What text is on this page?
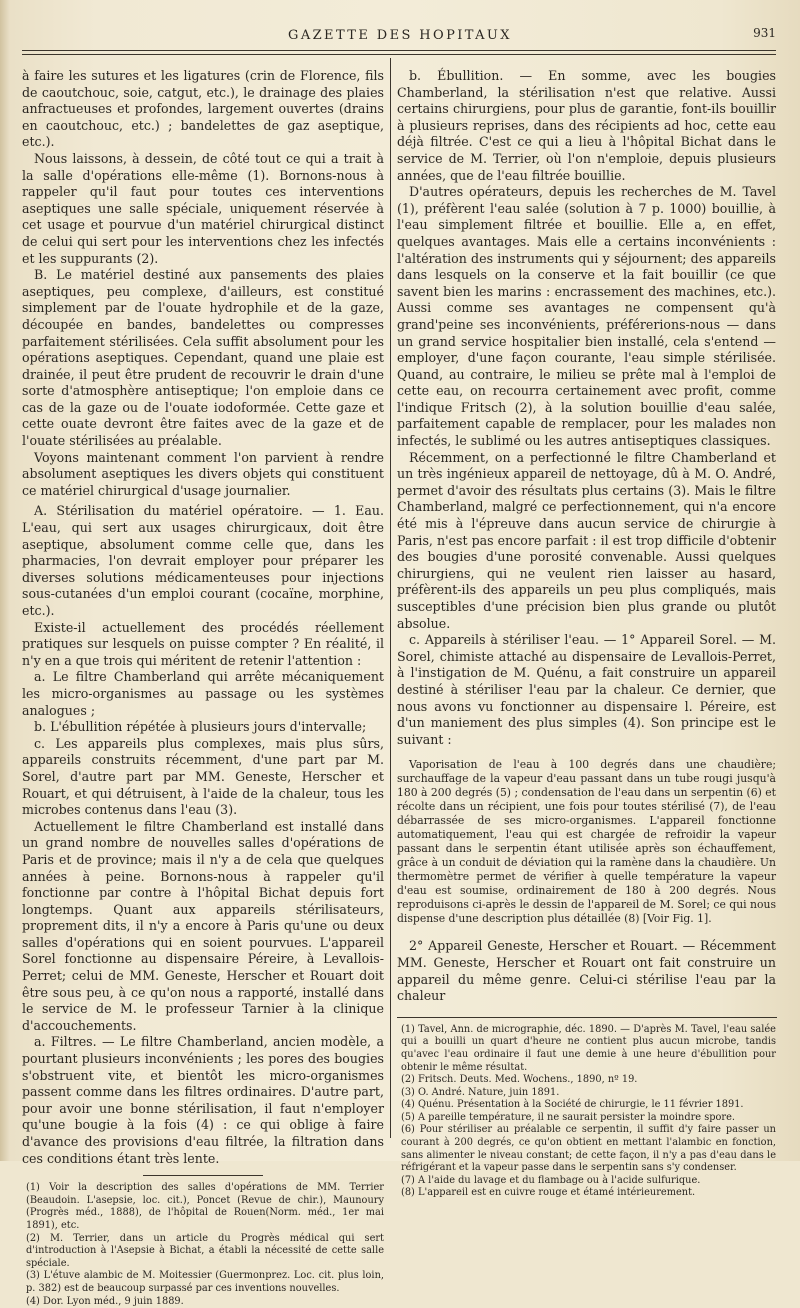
GAZETTE DES HOPITAUX	931

à faire les sutures et les ligatures (crin de Florence, fils de caoutchouc, soie, catgut, etc.), le drainage des plaies anfractueuses et profondes, largement ouvertes (drains en caoutchouc, etc.) ; bandelettes de gaz aseptique, etc.).

Nous laissons, à dessein, de côté tout ce qui a trait à la salle d'opérations elle-même (1). Bornons-nous à rappeler qu'il faut pour toutes ces interventions aseptiques une salle spéciale, uniquement réservée à cet usage et pourvue d'un matériel chirurgical distinct de celui qui sert pour les interventions chez les infectés et les suppurants (2).

B. Le matériel destiné aux pansements des plaies aseptiques, peu complexe, d'ailleurs, est constitué simplement par de l'ouate hydrophile et de la gaze, découpée en bandes, bandelettes ou compresses parfaitement stérilisées. Cela suffit absolument pour les opérations aseptiques. Cependant, quand une plaie est drainée, il peut être prudent de recouvrir le drain d'une sorte d'atmosphère antiseptique; l'on emploie dans ce cas de la gaze ou de l'ouate iodoformée. Cette gaze et cette ouate devront être faites avec de la gaze et de l'ouate stérilisées au préalable.

Voyons maintenant comment l'on parvient à rendre absolument aseptiques les divers objets qui constituent ce matériel chirurgical d'usage journalier.

A. Stérilisation du matériel opératoire. — 1. Eau. L'eau, qui sert aux usages chirurgicaux, doit être aseptique, absolument comme celle que, dans les pharmacies, l'on devrait employer pour préparer les diverses solutions médicamenteuses pour injections sous-cutanées d'un emploi courant (cocaïne, morphine, etc.).

Existe-il actuellement des procédés réellement pratiques sur lesquels on puisse compter ? En réalité, il n'y en a que trois qui méritent de retenir l'attention :

a. Le filtre Chamberland qui arrête mécaniquement les micro-organismes au passage ou les systèmes analogues ;

b. L'ébullition répétée à plusieurs jours d'intervalle;

c. Les appareils plus complexes, mais plus sûrs, appareils construits récemment, d'une part par M. Sorel, d'autre part par MM. Geneste, Herscher et Rouart, et qui détruisent, à l'aide de la chaleur, tous les microbes contenus dans l'eau (3).

Actuellement le filtre Chamberland est installé dans un grand nombre de nouvelles salles d'opérations de Paris et de province; mais il n'y a de cela que quelques années à peine. Bornons-nous à rappeler qu'il fonctionne par contre à l'hôpital Bichat depuis fort longtemps. Quant aux appareils stérilisateurs, proprement dits, il n'y a encore à Paris qu'une ou deux salles d'opérations qui en soient pourvues. L'appareil Sorel fonctionne au dispensaire Péreire, à Levallois-Perret; celui de MM. Geneste, Herscher et Rouart doit être sous peu, à ce qu'on nous a rapporté, installé dans le service de M. le professeur Tarnier à la clinique d'accouchements.

a. Filtres. — Le filtre Chamberland, ancien modèle, a pourtant plusieurs inconvénients ; les pores des bougies s'obstruent vite, et bientôt les micro-organismes passent comme dans les filtres ordinaires. D'autre part, pour avoir une bonne stérilisation, il faut n'employer qu'une bougie à la fois (4) : ce qui oblige à faire d'avance des provisions d'eau filtrée, la filtration dans ces conditions étant très lente.

(1) Voir la description des salles d'opérations de MM. Terrier (Beaudoin. L'asepsie, loc. cit.), Poncet (Revue de chir.), Maunoury (Progrès méd., 1888), de l'hôpital de Rouen(Norm. méd., 1er mai 1891), etc.

(2) M. Terrier, dans un article du Progrès médical qui sert d'introduction à l'Asepsie à Bichat, a établi la nécessité de cette salle spéciale.

(3) L'étuve alambic de M. Moitessier (Guermonprez. Loc. cit. plus loin, p. 382) est de beaucoup surpassé par ces inventions nouvelles.

(4) Dor. Lyon méd., 9 juin 1889.

b. Ébullition. — En somme, avec les bougies Chamberland, la stérilisation n'est que relative. Aussi certains chirurgiens, pour plus de garantie, font-ils bouillir à plusieurs reprises, dans des récipients ad hoc, cette eau déjà filtrée. C'est ce qui a lieu à l'hôpital Bichat dans le service de M. Terrier, où l'on n'emploie, depuis plusieurs années, que de l'eau filtrée bouillie.

D'autres opérateurs, depuis les recherches de M. Tavel (1), préfèrent l'eau salée (solution à 7 p. 1000) bouillie, à l'eau simplement filtrée et bouillie. Elle a, en effet, quelques avantages. Mais elle a certains inconvénients : l'altération des instruments qui y séjournent; des appareils dans lesquels on la conserve et la fait bouillir (ce que savent bien les marins : encrassement des machines, etc.). Aussi comme ses avantages ne compensent qu'à grand'peine ses inconvénients, préférerions-nous — dans un grand service hospitalier bien installé, cela s'entend — employer, d'une façon courante, l'eau simple stérilisée. Quand, au contraire, le milieu se prête mal à l'emploi de cette eau, on recourra certainement avec profit, comme l'indique Fritsch (2), à la solution bouillie d'eau salée, parfaitement capable de remplacer, pour les malades non infectés, le sublimé ou les autres antiseptiques classiques.

Récemment, on a perfectionné le filtre Chamberland et un très ingénieux appareil de nettoyage, dû à M. O. André, permet d'avoir des résultats plus certains (3). Mais le filtre Chamberland, malgré ce perfectionnement, qui n'a encore été mis à l'épreuve dans aucun service de chirurgie à Paris, n'est pas encore parfait : il est trop difficile d'obtenir des bougies d'une porosité convenable. Aussi quelques chirurgiens, qui ne veulent rien laisser au hasard, préfèrent-ils des appareils un peu plus compliqués, mais susceptibles d'une précision bien plus grande ou plutôt absolue.

c. Appareils à stériliser l'eau. — 1° Appareil Sorel. — M. Sorel, chimiste attaché au dispensaire de Levallois-Perret, à l'instigation de M. Quénu, a fait construire un appareil destiné à stériliser l'eau par la chaleur. Ce dernier, que nous avons vu fonctionner au dispensaire l. Péreire, est d'un maniement des plus simples (4). Son principe est le suivant :

Vaporisation de l'eau à 100 degrés dans une chaudière; surchauffage de la vapeur d'eau passant dans un tube rougi jusqu'à 180 à 200 degrés (5) ; condensation de l'eau dans un serpentin (6) et récolte dans un récipient, une fois pour toutes stérilisé (7), de l'eau débarrassée de ses micro-organismes. L'appareil fonctionne automatiquement, l'eau qui est chargée de refroidir la vapeur passant dans le serpentin étant utilisée après son échauffement, grâce à un conduit de déviation qui la ramène dans la chaudière. Un thermomètre permet de vérifier à quelle température la vapeur d'eau est soumise, ordinairement de 180 à 200 degrés. Nous reproduisons ci-après le dessin de l'appareil de M. Sorel; ce qui nous dispense d'une description plus détaillée (8) [Voir Fig. 1].

2° Appareil Geneste, Herscher et Rouart. — Récemment MM. Geneste, Herscher et Rouart ont fait construire un appareil du même genre. Celui-ci stérilise l'eau par la chaleur

(1) Tavel, Ann. de micrographie, déc. 1890. — D'après M. Tavel, l'eau salée qui a bouilli un quart d'heure ne contient plus aucun microbe, tandis qu'avec l'eau ordinaire il faut une demie à une heure d'ébullition pour obtenir le même résultat.

(2) Fritsch. Deuts. Med. Wochens., 1890, nº 19.

(3) O. André. Nature, juin 1891.

(4) Quénu. Présentation à la Société de chirurgie, le 11 février 1891.

(5) A pareille température, il ne saurait persister la moindre spore.

(6) Pour stériliser au préalable ce serpentin, il suffit d'y faire passer un courant à 200 degrés, ce qu'on obtient en mettant l'alambic en fonction, sans alimenter le niveau constant; de cette façon, il n'y a pas d'eau dans le réfrigérant et la vapeur passe dans le serpentin sans s'y condenser.

(7) A l'aide du lavage et du flambage ou à l'acide sulfurique.

(8) L'appareil est en cuivre rouge et étamé intérieurement.
